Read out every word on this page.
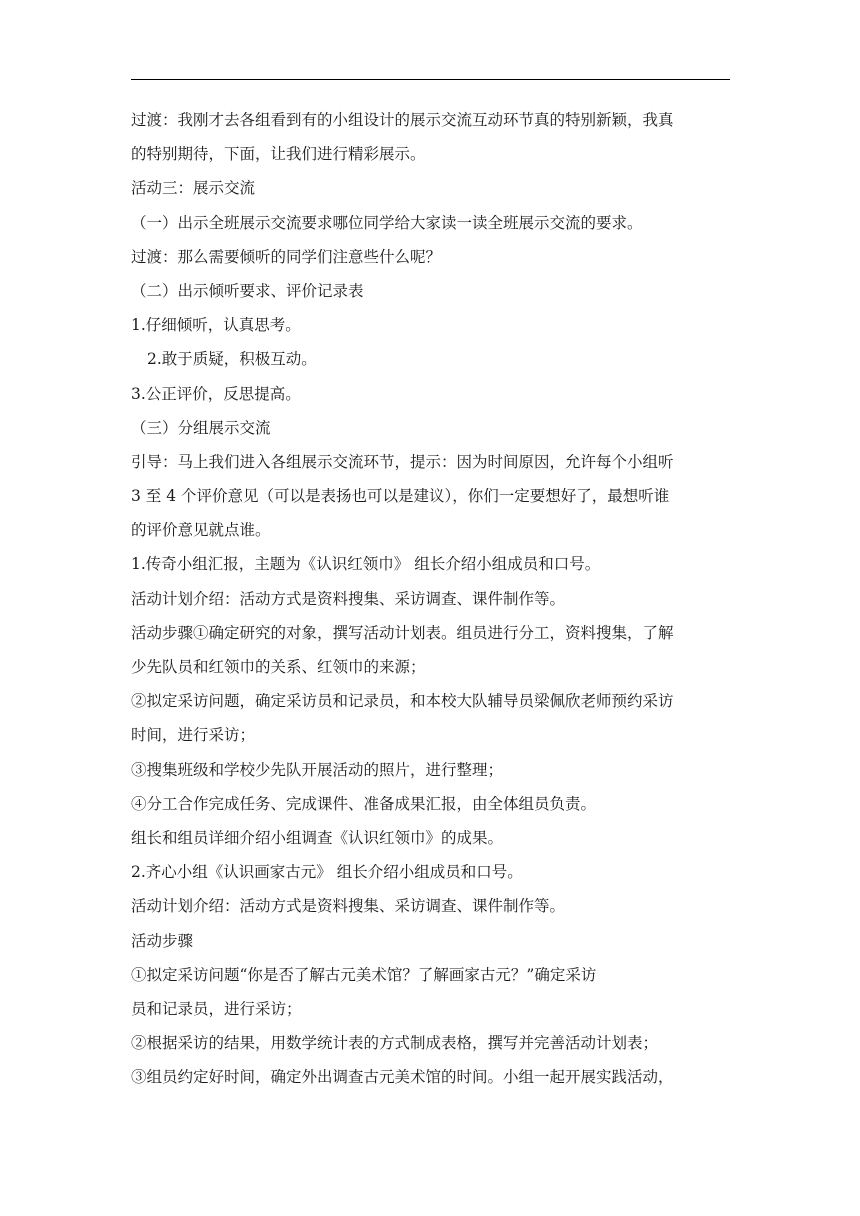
过渡：我刚才去各组看到有的小组设计的展示交流互动环节真的特别新颖，我真
的特别期待，下面，让我们进行精彩展示。
活动三：展示交流
（一）出示全班展示交流要求哪位同学给大家读一读全班展示交流的要求。
过渡：那么需要倾听的同学们注意些什么呢？
（二）出示倾听要求、评价记录表
1.仔细倾听，认真思考。
2.敢于质疑，积极互动。
3.公正评价，反思提高。
（三）分组展示交流
引导：马上我们进入各组展示交流环节，提示：因为时间原因，允许每个小组听
3 至 4 个评价意见（可以是表扬也可以是建议），你们一定要想好了，最想听谁
的评价意见就点谁。
1.传奇小组汇报，主题为《认识红领巾》 组长介绍小组成员和口号。
活动计划介绍：活动方式是资料搜集、采访调查、课件制作等。
活动步骤①确定研究的对象，撰写活动计划表。组员进行分工，资料搜集，了解
少先队员和红领巾的关系、红领巾的来源；
②拟定采访问题，确定采访员和记录员，和本校大队辅导员梁佩欣老师预约采访
时间，进行采访；
③搜集班级和学校少先队开展活动的照片，进行整理；
④分工合作完成任务、完成课件、准备成果汇报，由全体组员负责。
组长和组员详细介绍小组调查《认识红领巾》的成果。
2.齐心小组《认识画家古元》 组长介绍小组成员和口号。
活动计划介绍：活动方式是资料搜集、采访调查、课件制作等。
活动步骤
①拟定采访问题“你是否了解古元美术馆？了解画家古元？”确定采访
员和记录员，进行采访；
②根据采访的结果，用数学统计表的方式制成表格，撰写并完善活动计划表；
③组员约定好时间，确定外出调查古元美术馆的时间。小组一起开展实践活动，
